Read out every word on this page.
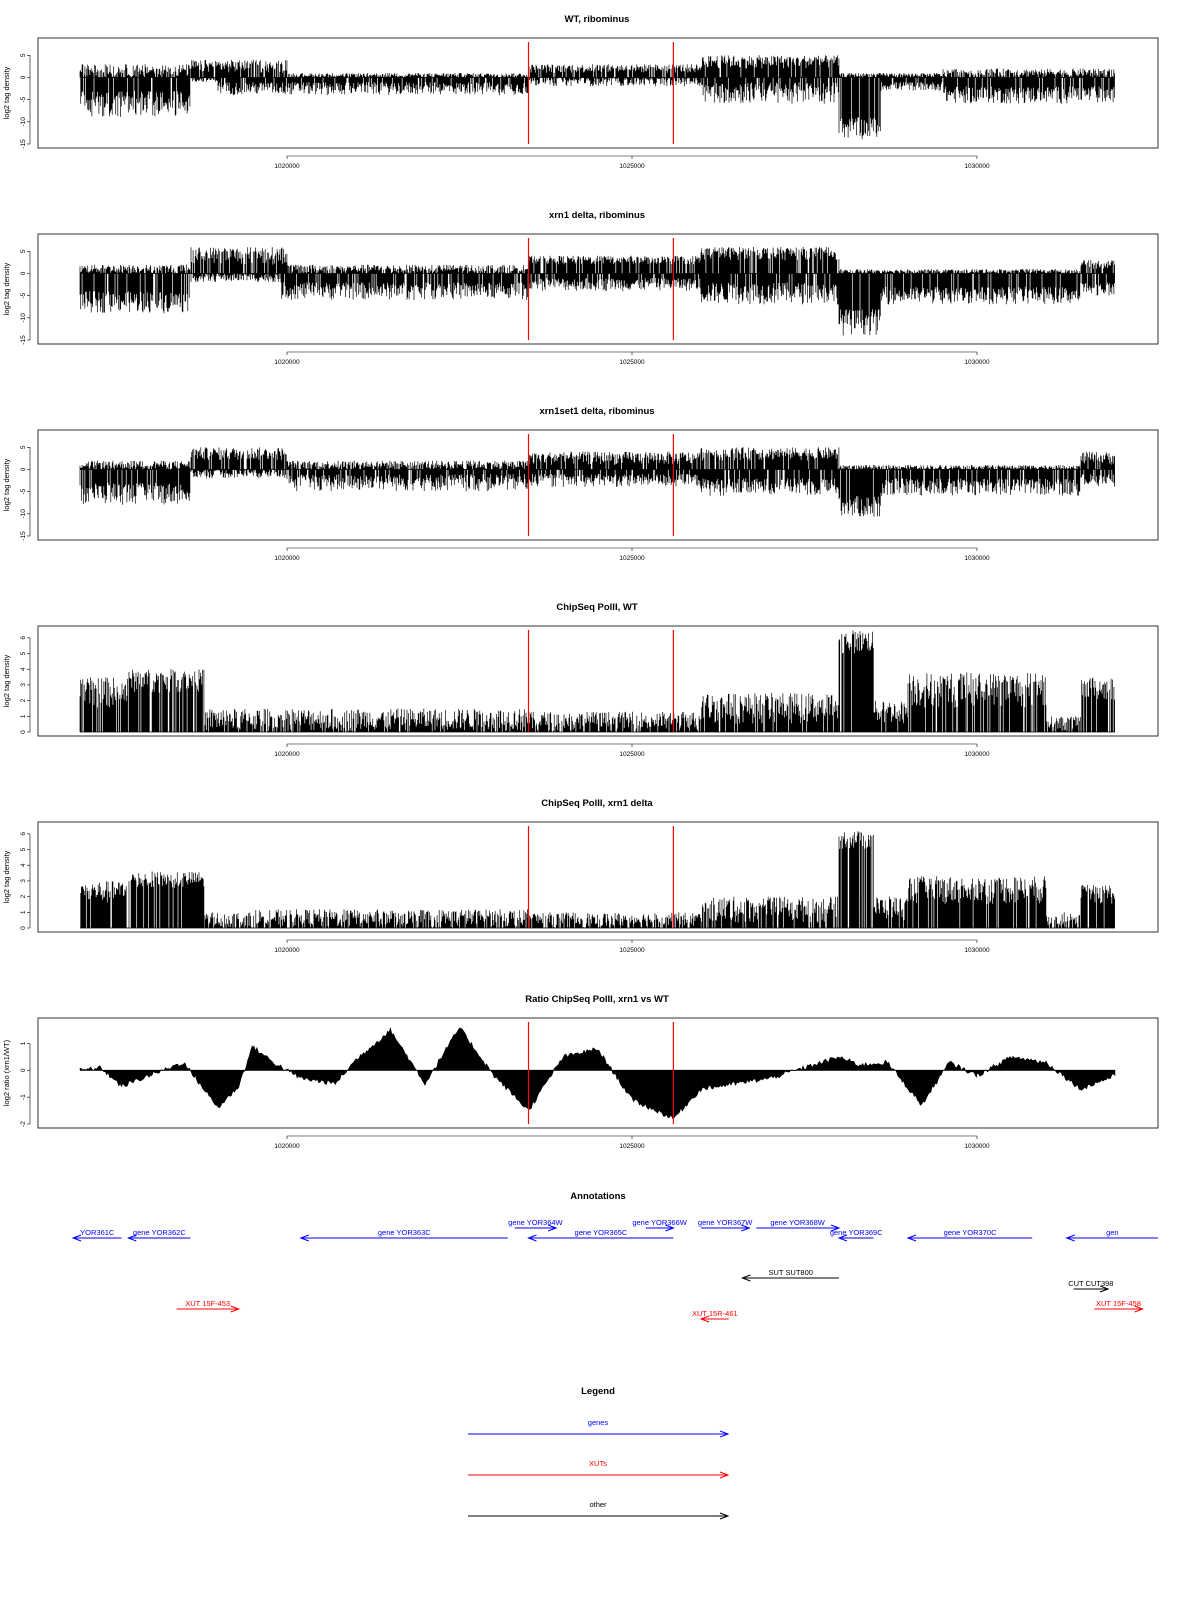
WT, ribominus
5
0
-5
-10
-15
log2 tag density
1020000	1025000	1030000
xrn1 delta, ribominus
5
0
-5
-10
-15
log2 tag density
1020000	1025000	1030000
xrn1set1 delta, ribominus
5
0
-5
-10
-15
log2 tag density
1020000	1025000	1030000
ChipSeq PolII, WT
0
1
2
3
4
5
6
log2 tag density
1020000	1025000	1030000
ChipSeq PolII, xrn1 delta
0
1
2
3
4
5
6
log2 tag density
1020000	1025000	1030000
Ratio ChipSeq PolII, xrn1 vs WT
1
0
-1
-2
log2 ratio (xrn1/WT)
1020000	1025000	1030000
Annotations
YOR361C gene YOR362C	gene YOR363C
gene YOR364W
gene YOR365C
gene YOR366W gene YOR367W gene YOR368W
gene YOR369C	gene YOR370C	gen
SUT SUT800
CUT CUT398
XUT 15F-453
XUT 15R-461
XUT 15F-458
Legend
genes
XUTs
other
